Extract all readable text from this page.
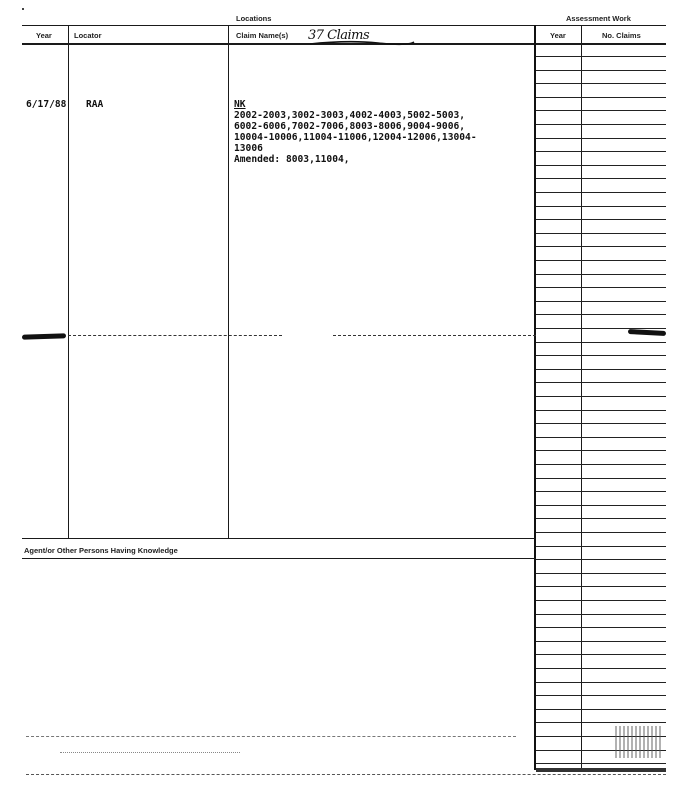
Locations	Assessment Work
Year	Locator	Claim Name(s)	Year	No. Claims
37 Claims
6/17/88 RAA	NK
2002-2003,3002-3003,4002-4003,5002-5003,
6002-6006,7002-7006,8003-8006,9004-9006,
10004-10006,11004-11006,12004-12006,13004-
13006
Amended: 8003,11004,
Agent/or Other Persons Having Knowledge
